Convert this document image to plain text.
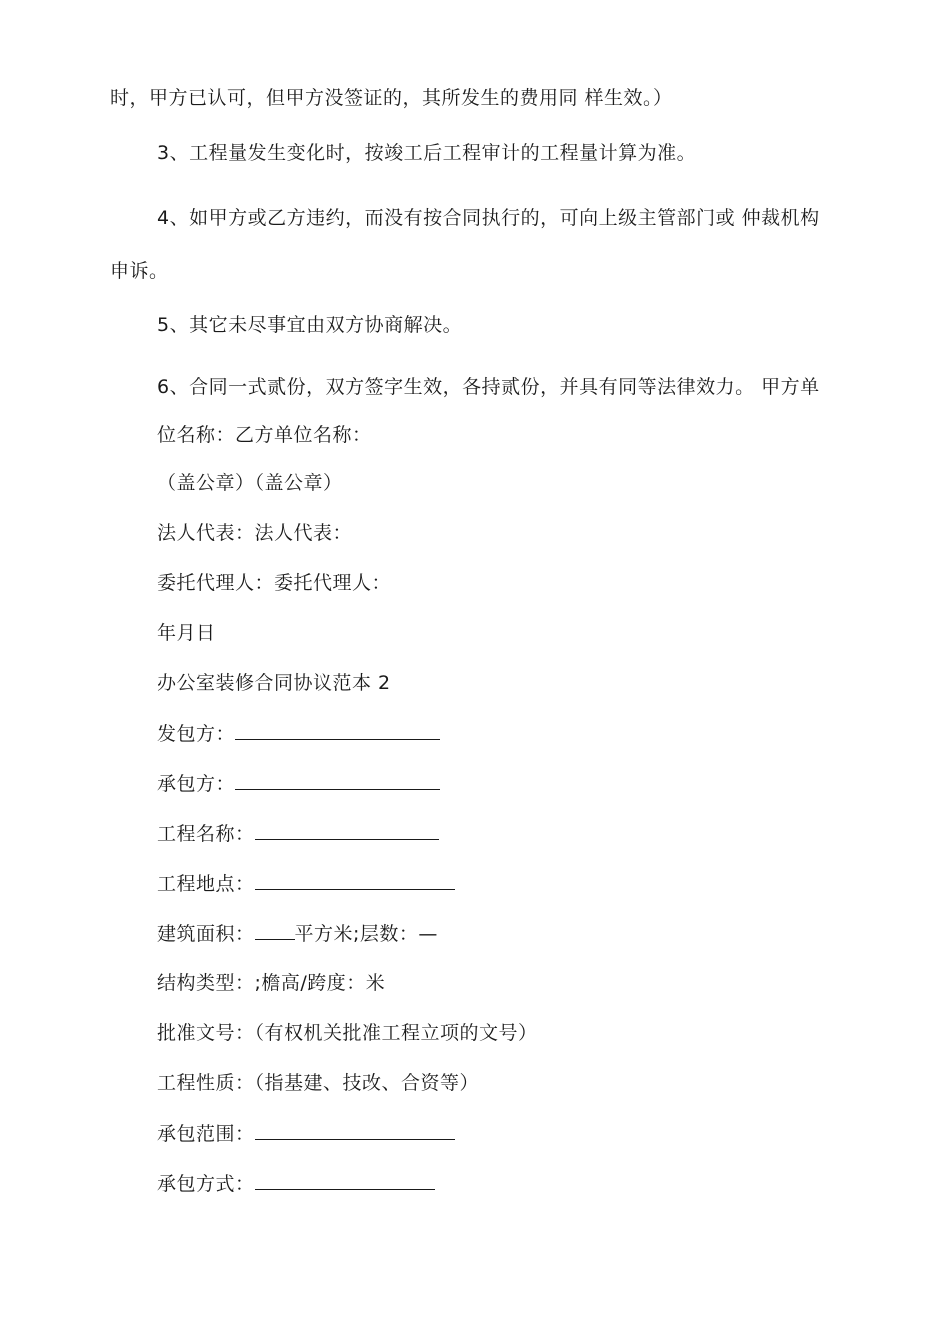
时，甲方已认可，但甲方没签证的，其所发生的费用同 样生效。）
3、工程量发生变化时，按竣工后工程审计的工程量计算为准。
4、如甲方或乙方违约，而没有按合同执行的，可向上级主管部门或 仲裁机构
申诉。
5、其它未尽事宜由双方协商解决。
6、合同一式贰份，双方签字生效，各持贰份，并具有同等法律效力。 甲方单
位名称：乙方单位名称：
（盖公章）（盖公章）
法人代表：法人代表：
委托代理人：委托代理人：
年月日
办公室装修合同协议范本 2
发包方：
承包方：
工程名称：
工程地点：
建筑面积： 平方米;层数：—
结构类型：;檐高/跨度：米
批准文号：（有权机关批准工程立项的文号）
工程性质：（指基建、技改、合资等）
承包范围：
承包方式：
